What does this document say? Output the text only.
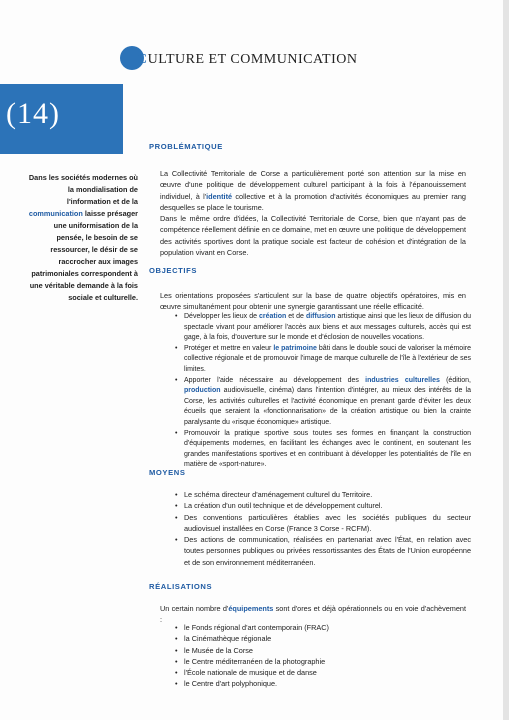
(14)
CULTURE ET COMMUNICATION
Dans les sociétés modernes où la mondialisation de l'information et de la communication laisse présager une uniformisation de la pensée, le besoin de se ressourcer, le désir de se raccrocher aux images patrimoniales correspondent à une véritable demande à la fois sociale et culturelle.
PROBLÉMATIQUE

La Collectivité Territoriale de Corse a particulièrement porté son attention sur la mise en œuvre d'une politique de développement culturel participant à la fois à l'épanouissement individuel, à l'identité collective et à la promotion d'activités économiques au premier rang desquelles se place le tourisme.

Dans le même ordre d'idées, la Collectivité Territoriale de Corse, bien que n'ayant pas de compétence réellement définie en ce domaine, met en œuvre une politique de développement des activités sportives dont la pratique sociale est facteur de cohésion et d'intégration de la population vivant en Corse.

OBJECTIFS

Les orientations proposées s'articulent sur la base de quatre objectifs opératoires, mis en œuvre simultanément pour obtenir une synergie garantissant une réelle efficacité.

• Développer les lieux de création et de diffusion artistique ainsi que les lieux de diffusion du spectacle vivant pour améliorer l'accès aux biens et aux messages culturels, accès qui est gage, à la fois, d'ouverture sur le monde et d'éclosion de nouvelles vocations.
• Protéger et mettre en valeur le patrimoine bâti dans le double souci de valoriser la mémoire collective régionale et de promouvoir l'image de marque culturelle de l'île à l'extérieur de ses limites.
• Apporter l'aide nécessaire au développement des industries culturelles (édition, production audiovisuelle, cinéma) dans l'intention d'intégrer, au mieux des intérêts de la Corse, les activités culturelles et l'activité économique en prenant garde d'éviter les deux écueils que seraient la «fonctionnarisation» de la création artistique ou bien la crainte paralysante du «risque économique» artistique.
• Promouvoir la pratique sportive sous toutes ses formes en finançant la construction d'équipements modernes, en facilitant les échanges avec le continent, en soutenant les grandes manifestations sportives et en contribuant à développer les potentialités de l'île en matière de «sport-nature».
MOYENS
• Le schéma directeur d'aménagement culturel du Territoire.
• La création d'un outil technique et de développement culturel.
• Des conventions particulières établies avec les sociétés publiques du secteur audiovisuel installées en Corse (France 3 Corse - RCFM).
• Des actions de communication, réalisées en partenariat avec l'État, en relation avec toutes personnes publiques ou privées ressortissantes des États de l'Union européenne et de son environnement méditerranéen.
RÉALISATIONS

Un certain nombre d'équipements sont d'ores et déjà opérationnels ou en voie d'achèvement :

• le Fonds régional d'art contemporain (FRAC)
• la Cinémathèque régionale
• le Musée de la Corse
• le Centre méditerranéen de la photographie
• l'École nationale de musique et de danse
• le Centre d'art polyphonique.
